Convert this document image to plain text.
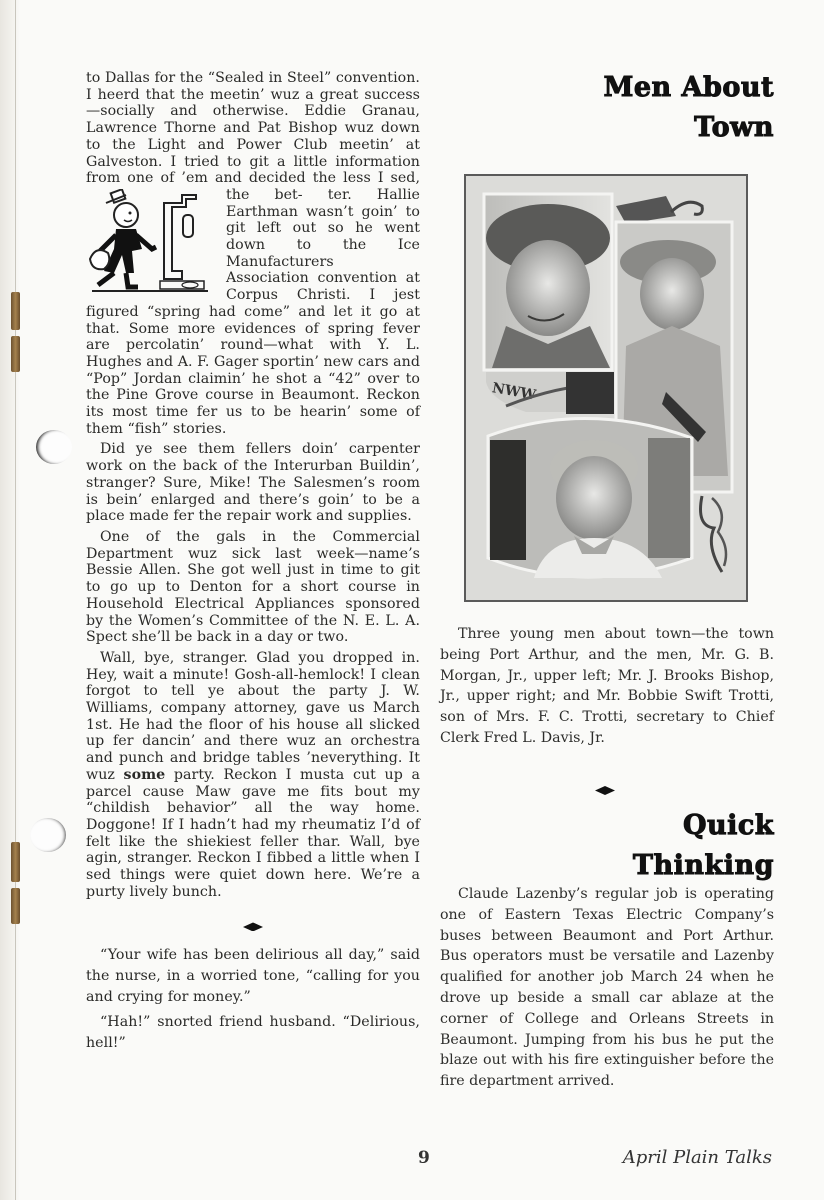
to Dallas for the “Sealed in Steel” convention. I heerd that the meetin’ wuz a great success—socially and otherwise. Eddie Granau, Lawrence Thorne and Pat Bishop wuz down to the Light and Power Club meetin’ at Galveston. I tried to git a little information from one of ’em and decided the less I sed, the bet- ter. Hallie Earthman wasn’t goin’ to git left out so he went down to the Ice Manufacturers Association convention at Corpus Christi. I jest figured “spring had come” and let it go at that. Some more evidences of spring fever are percolatin’ round—what with Y. L. Hughes and A. F. Gager sportin’ new cars and “Pop” Jordan claimin’ he shot a “42” over to the Pine Grove course in Beaumont. Reckon its most time fer us to be hearin’ some of them “fish” stories.

Did ye see them fellers doin’ carpenter work on the back of the Interurban Buildin’, stranger? Sure, Mike! The Salesmen’s room is bein’ enlarged and there’s goin’ to be a place made fer the repair work and supplies.

One of the gals in the Commercial Department wuz sick last week—name’s Bessie Allen. She got well just in time to git to go up to Denton for a short course in Household Electrical Appliances sponsored by the Women’s Committee of the N. E. L. A. Spect she’ll be back in a day or two.

Wall, bye, stranger. Glad you dropped in. Hey, wait a minute! Gosh-all-hemlock! I clean forgot to tell ye about the party J. W. Williams, company attorney, gave us March 1st. He had the floor of his house all slicked up fer dancin’ and there wuz an orchestra and punch and bridge tables ’neverything. It wuz some party. Reckon I musta cut up a parcel cause Maw gave me fits bout my “childish behavior” all the way home. Doggone! If I hadn’t had my rheumatiz I’d of felt like the shiekiest feller thar. Wall, bye agin, stranger. Reckon I fibbed a little when I sed things were quiet down here. We’re a purty lively bunch.

“Your wife has been delirious all day,” said the nurse, in a worried tone, “calling for you and crying for money.”

“Hah!” snorted friend husband. “Delirious, hell!”

Men About
Town
NWW

Three young men about town—the town being Port Arthur, and the men, Mr. G. B. Morgan, Jr., upper left; Mr. J. Brooks Bishop, Jr., upper right; and Mr. Bobbie Swift Trotti, son of Mrs. F. C. Trotti, secretary to Chief Clerk Fred L. Davis, Jr.

Quick
Thinking

Claude Lazenby’s regular job is operating one of Eastern Texas Electric Company’s buses between Beaumont and Port Arthur. Bus operators must be versatile and Lazenby qualified for another job March 24 when he drove up beside a small car ablaze at the corner of College and Orleans Streets in Beaumont. Jumping from his bus he put the blaze out with his fire extinguisher before the fire department arrived.

9	April Plain Talks
